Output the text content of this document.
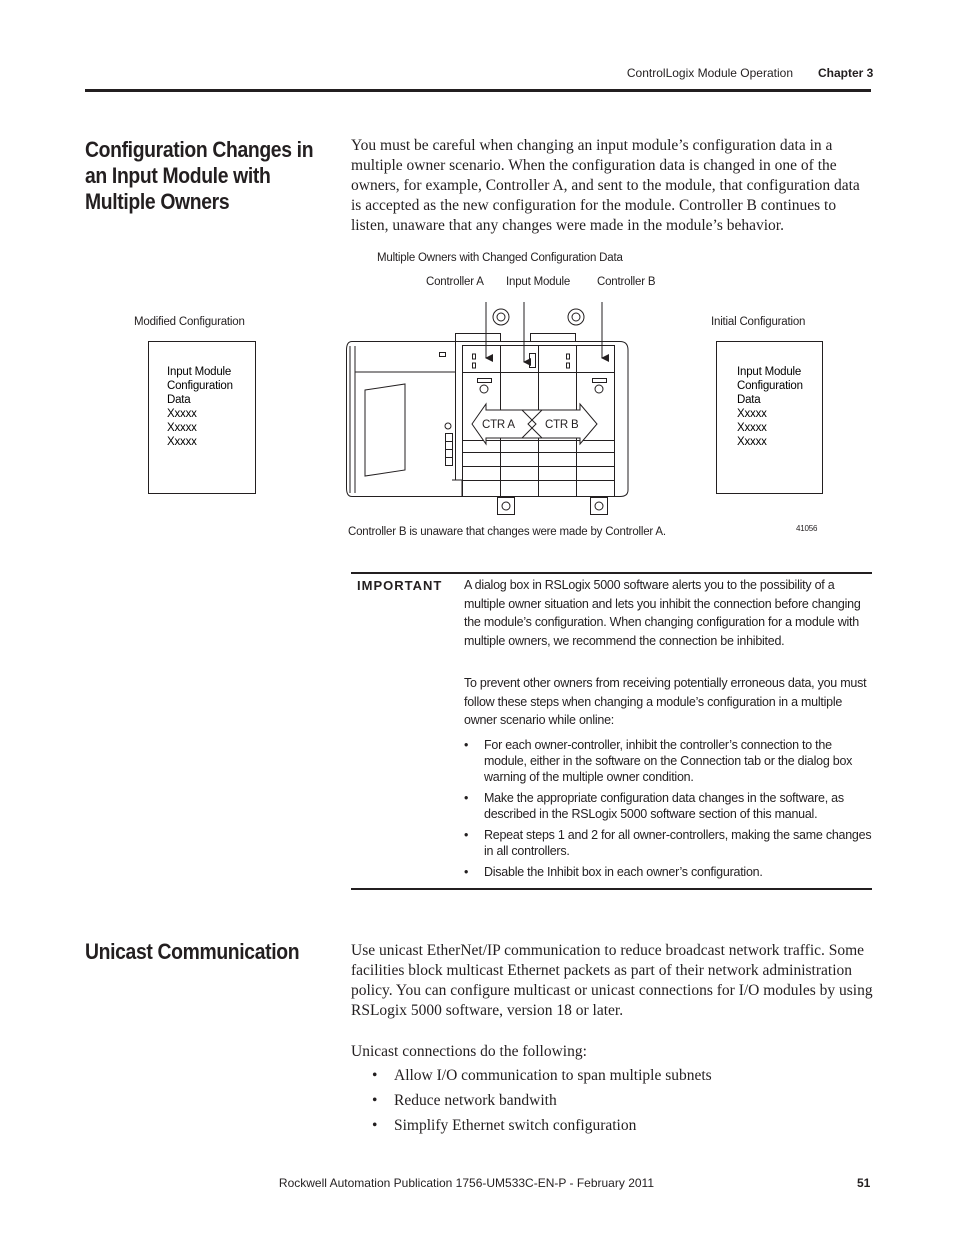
ControlLogix Module Operation Chapter 3
Configuration Changes in an Input Module with Multiple Owners
You must be careful when changing an input module’s configuration data in a multiple owner scenario. When the configuration data is changed in one of the owners, for example, Controller A, and sent to the module, that configuration data is accepted as the new configuration for the module. Controller B continues to listen, unaware that any changes were made in the module’s behavior.
Multiple Owners with Changed Configuration Data
Controller A Input Module Controller B
Modified Configuration	Initial Configuration
Input Module
Configuration
Data
Xxxxx
Xxxxx
Xxxxx
Input Module
Configuration
Data
Xxxxx
Xxxxx
Xxxxx
CTR A	CTR B
Controller B is unaware that changes were made by Controller A.	41056
IMPORTANT A dialog box in RSLogix 5000 software alerts you to the possibility of a multiple owner situation and lets you inhibit the connection before changing the module’s configuration. When changing configuration for a module with multiple owners, we recommend the connection be inhibited.
To prevent other owners from receiving potentially erroneous data, you must follow these steps when changing a module’s configuration in a multiple owner scenario while online:
• For each owner-controller, inhibit the controller’s connection to the module, either in the software on the Connection tab or the dialog box warning of the multiple owner condition.
• Make the appropriate configuration data changes in the software, as described in the RSLogix 5000 software section of this manual.
• Repeat steps 1 and 2 for all owner-controllers, making the same changes in all controllers.
• Disable the Inhibit box in each owner’s configuration.
Unicast Communication	Use unicast EtherNet/IP communication to reduce broadcast network traffic. Some facilities block multicast Ethernet packets as part of their network administration policy. You can configure multicast or unicast connections for I/O modules by using RSLogix 5000 software, version 18 or later.
Unicast connections do the following:
• Allow I/O communication to span multiple subnets
• Reduce network bandwith
• Simplify Ethernet switch configuration
Rockwell Automation Publication 1756-UM533C-EN-P - February 2011	51
